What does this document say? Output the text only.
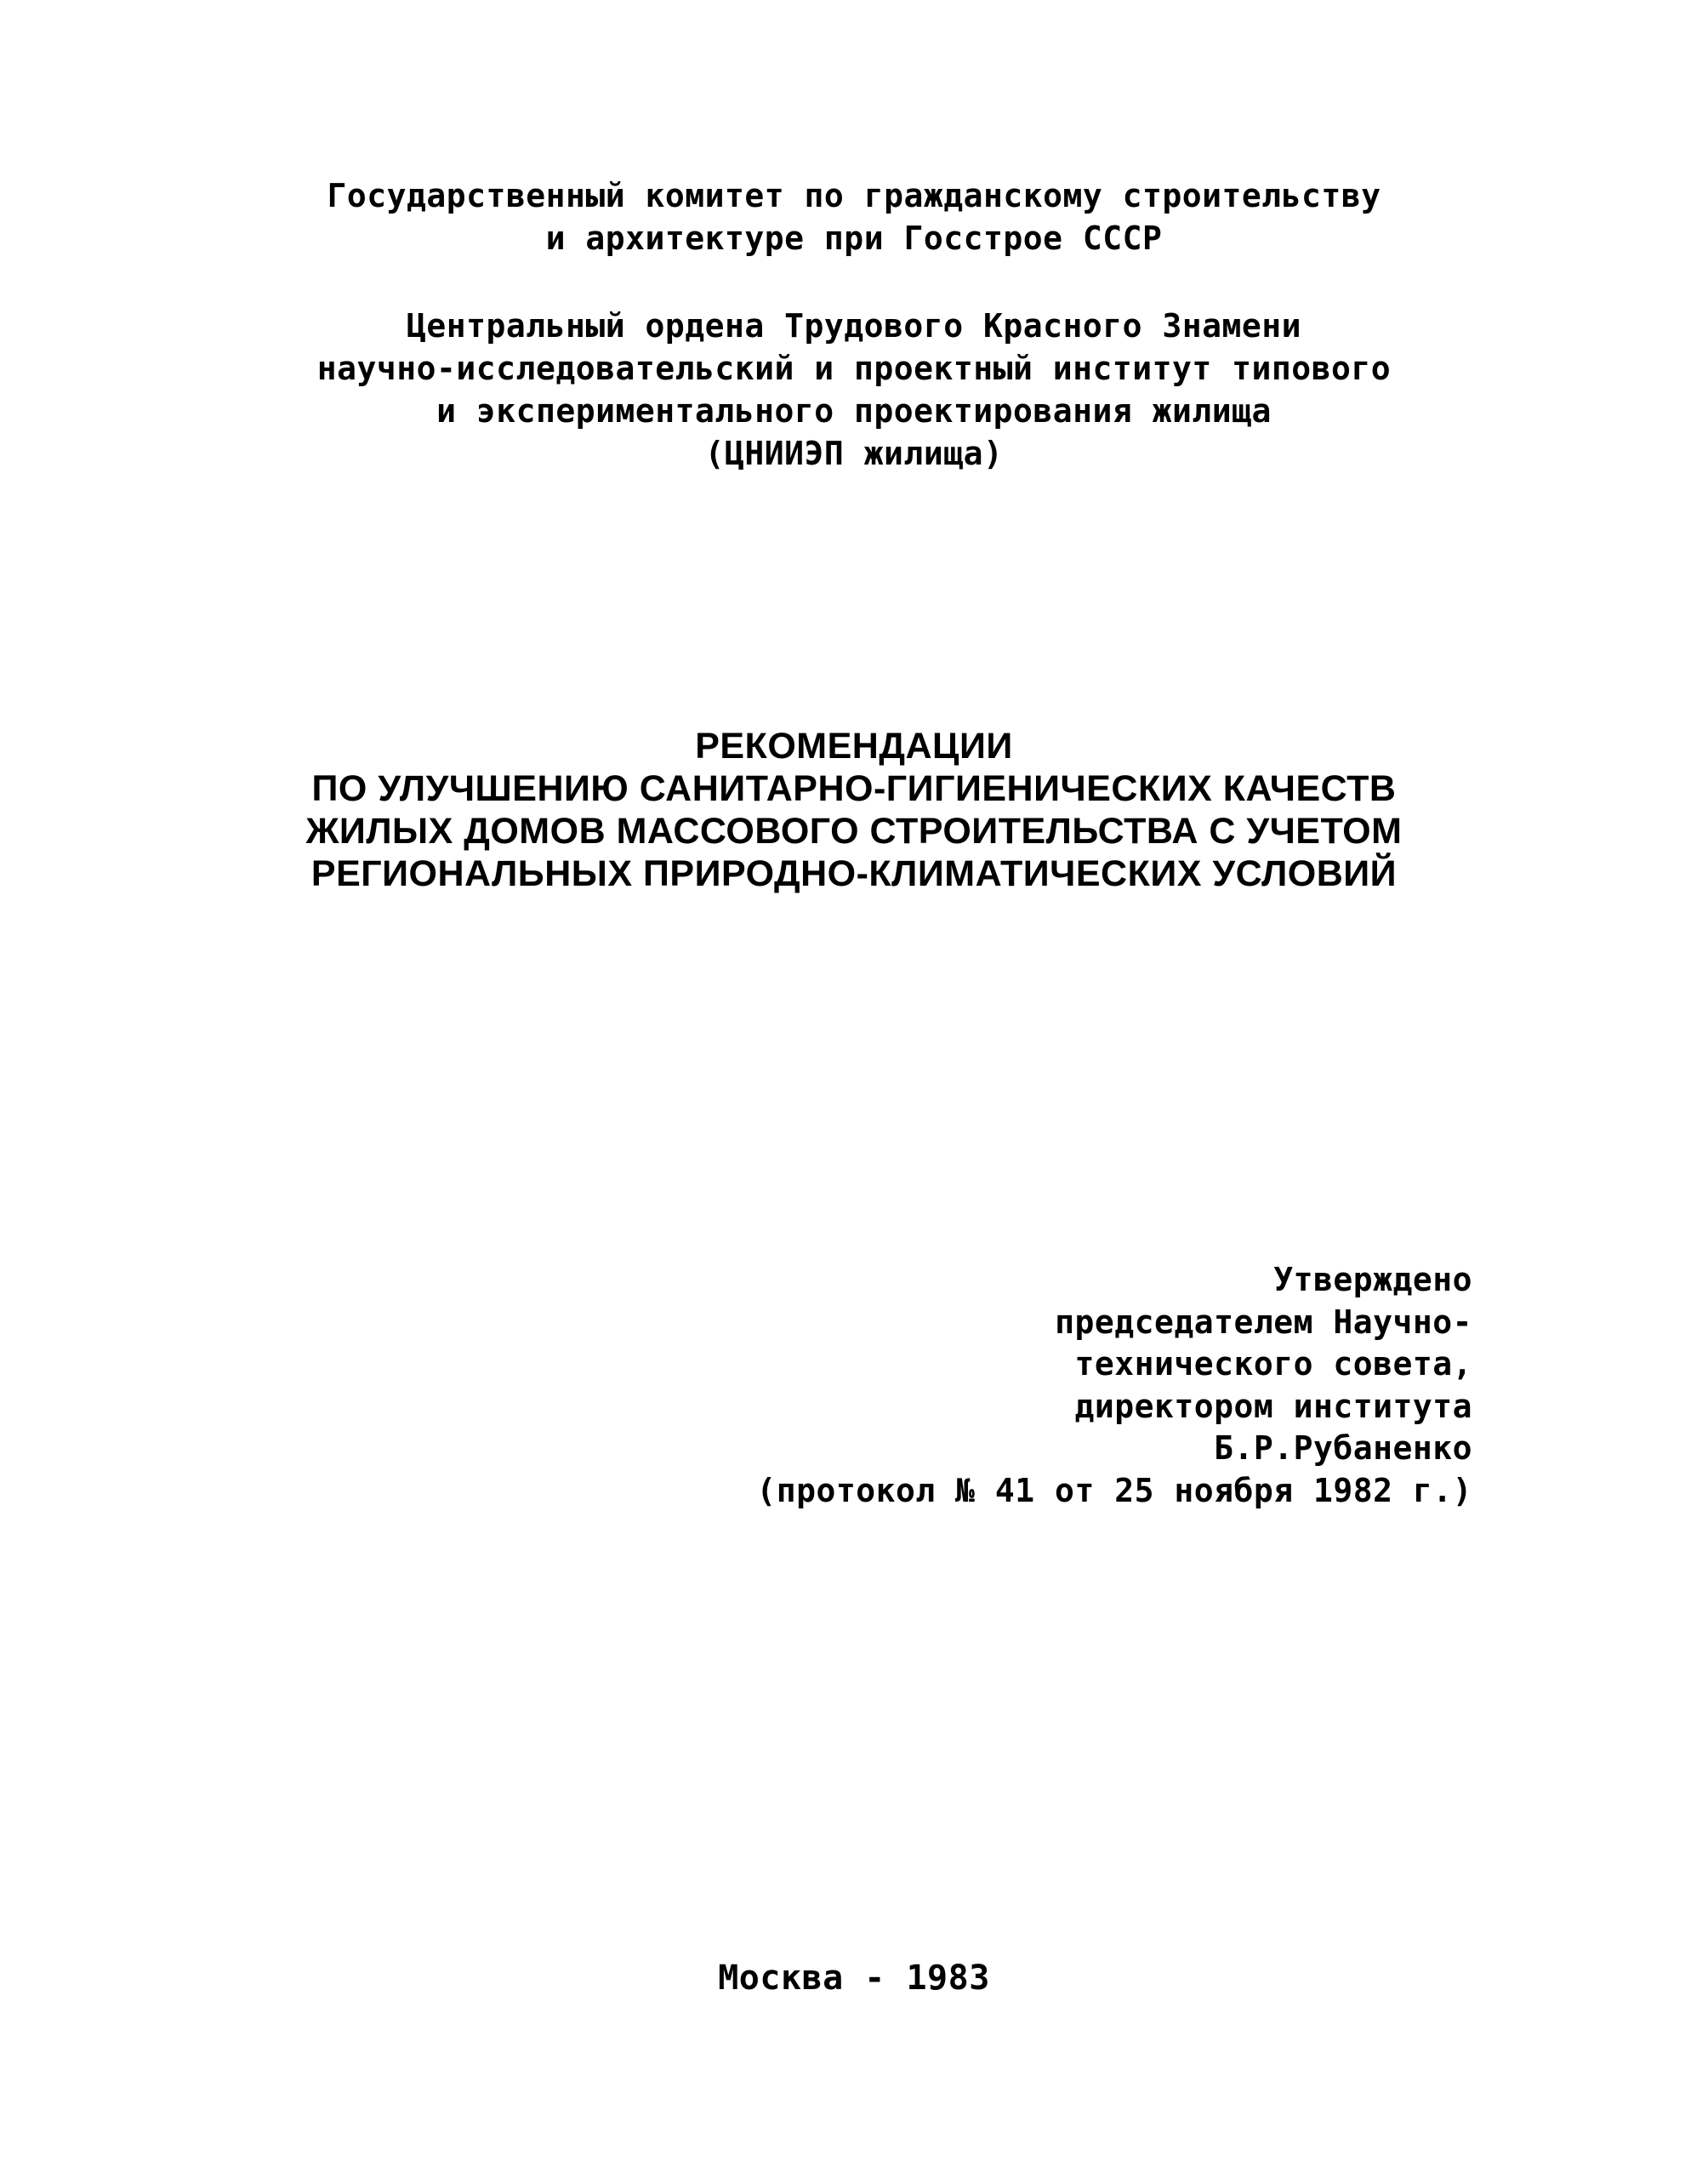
Государственный комитет по гражданскому строительству
и архитектуре при Госстрое СССР
Центральный ордена Трудового Красного Знамени
научно-исследовательский и проектный институт типового
и экспериментального проектирования жилища
(ЦНИИЭП жилища)
РЕКОМЕНДАЦИИ
ПО УЛУЧШЕНИЮ САНИТАРНО-ГИГИЕНИЧЕСКИХ КАЧЕСТВ
ЖИЛЫХ ДОМОВ МАССОВОГО СТРОИТЕЛЬСТВА С УЧЕТОМ
РЕГИОНАЛЬНЫХ ПРИРОДНО-КЛИМАТИЧЕСКИХ УСЛОВИЙ
Утверждено
председателем Научно-
технического совета,
директором института
Б.Р.Рубаненко
(протокол № 41 от 25 ноября 1982 г.)
Москва - 1983
